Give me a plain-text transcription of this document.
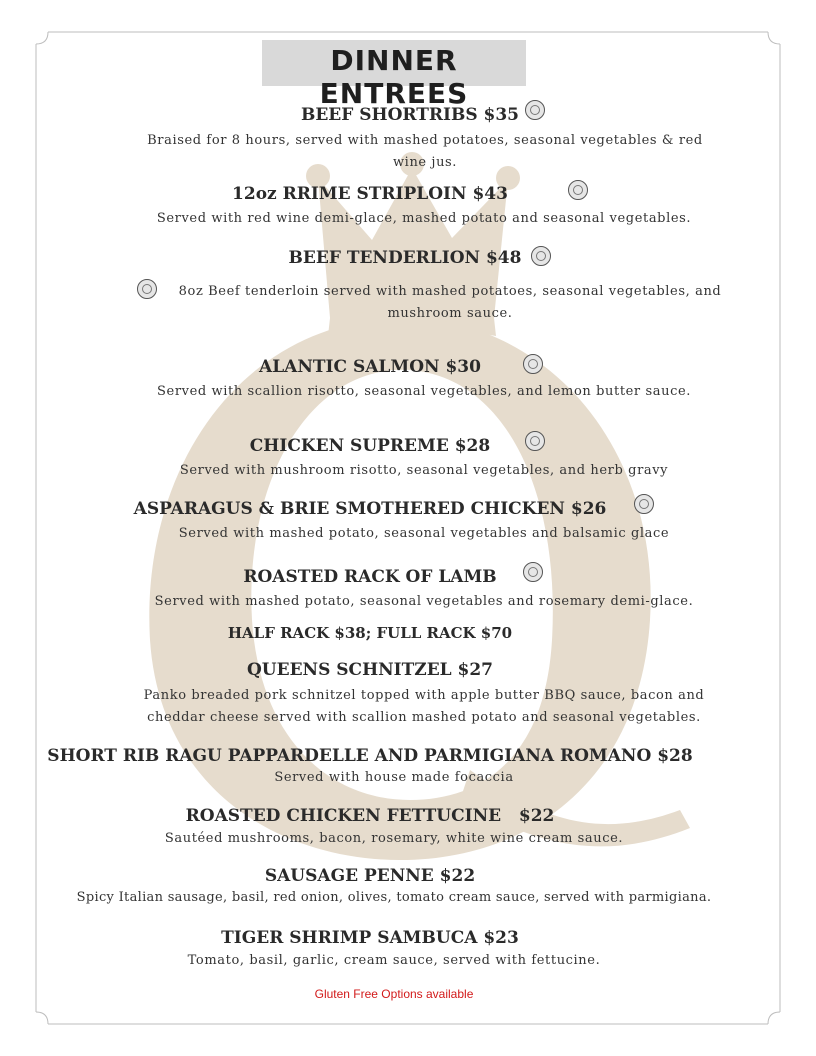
DINNER ENTREES
BEEF SHORTRIBS $35
Braised for 8 hours, served with mashed potatoes, seasonal vegetables & red
wine jus.
12oz RRIME STRIPLOIN $43
Served with red wine demi-glace, mashed potato and seasonal vegetables.
BEEF TENDERLION $48
8oz Beef tenderloin served with mashed potatoes, seasonal vegetables, and
mushroom sauce.
ALANTIC SALMON $30
Served with scallion risotto, seasonal vegetables, and lemon butter sauce.
CHICKEN SUPREME $28
Served with mushroom risotto, seasonal vegetables, and herb gravy
ASPARAGUS & BRIE SMOTHERED CHICKEN $26
Served with mashed potato, seasonal vegetables and balsamic glace
ROASTED RACK OF LAMB
Served with mashed potato, seasonal vegetables and rosemary demi-glace.
HALF RACK $38; FULL RACK $70
QUEENS SCHNITZEL $27
Panko breaded pork schnitzel topped with apple butter BBQ sauce, bacon and
cheddar cheese served with scallion mashed potato and seasonal vegetables.
SHORT RIB RAGU PAPPARDELLE AND PARMIGIANA ROMANO $28
Served with house made focaccia
ROASTED CHICKEN FETTUCINE   $22
Sautéed mushrooms, bacon, rosemary, white wine cream sauce.
SAUSAGE PENNE $22
Spicy Italian sausage, basil, red onion, olives, tomato cream sauce, served with parmigiana.
TIGER SHRIMP SAMBUCA $23
Tomato, basil, garlic, cream sauce, served with fettucine.
Gluten Free Options available
